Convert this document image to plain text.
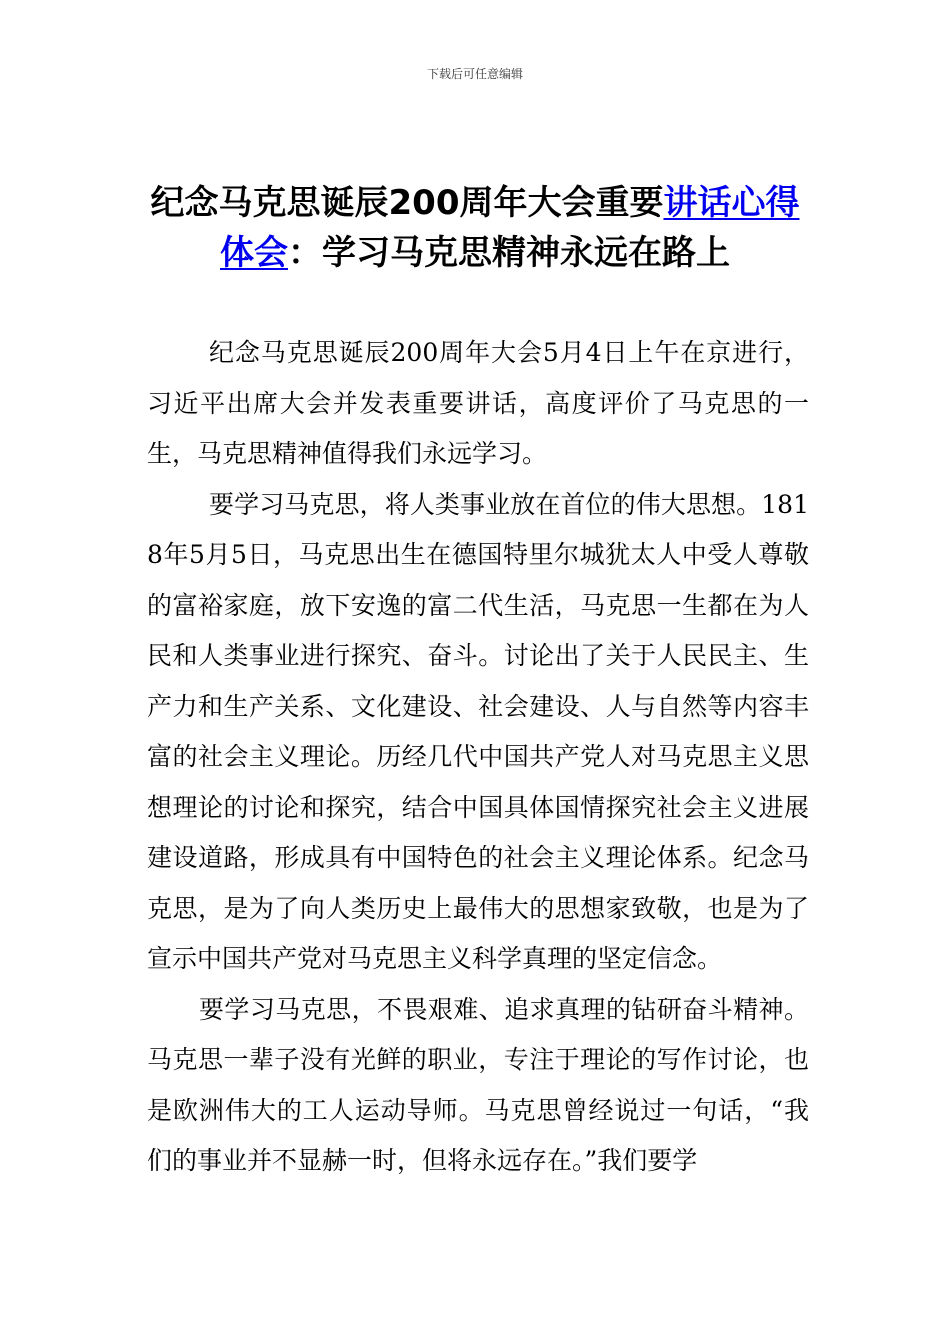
下载后可任意编辑
纪念马克思诞辰200周年大会重要讲话心得体会：学习马克思精神永远在路上

纪念马克思诞辰200周年大会5月4日上午在京进行，习近平出席大会并发表重要讲话，高度评价了马克思的一生，马克思精神值得我们永远学习。

要学习马克思，将人类事业放在首位的伟大思想。1818年5月5日，马克思出生在德国特里尔城犹太人中受人尊敬的富裕家庭，放下安逸的富二代生活，马克思一生都在为人民和人类事业进行探究、奋斗。讨论出了关于人民民主、生产力和生产关系、文化建设、社会建设、人与自然等内容丰富的社会主义理论。历经几代中国共产党人对马克思主义思想理论的讨论和探究，结合中国具体国情探究社会主义进展建设道路，形成具有中国特色的社会主义理论体系。纪念马克思，是为了向人类历史上最伟大的思想家致敬，也是为了宣示中国共产党对马克思主义科学真理的坚定信念。

要学习马克思，不畏艰难、追求真理的钻研奋斗精神。马克思一辈子没有光鲜的职业，专注于理论的写作讨论，也是欧洲伟大的工人运动导师。马克思曾经说过一句话，“我们的事业并不显赫一时，但将永远存在。”我们要学
